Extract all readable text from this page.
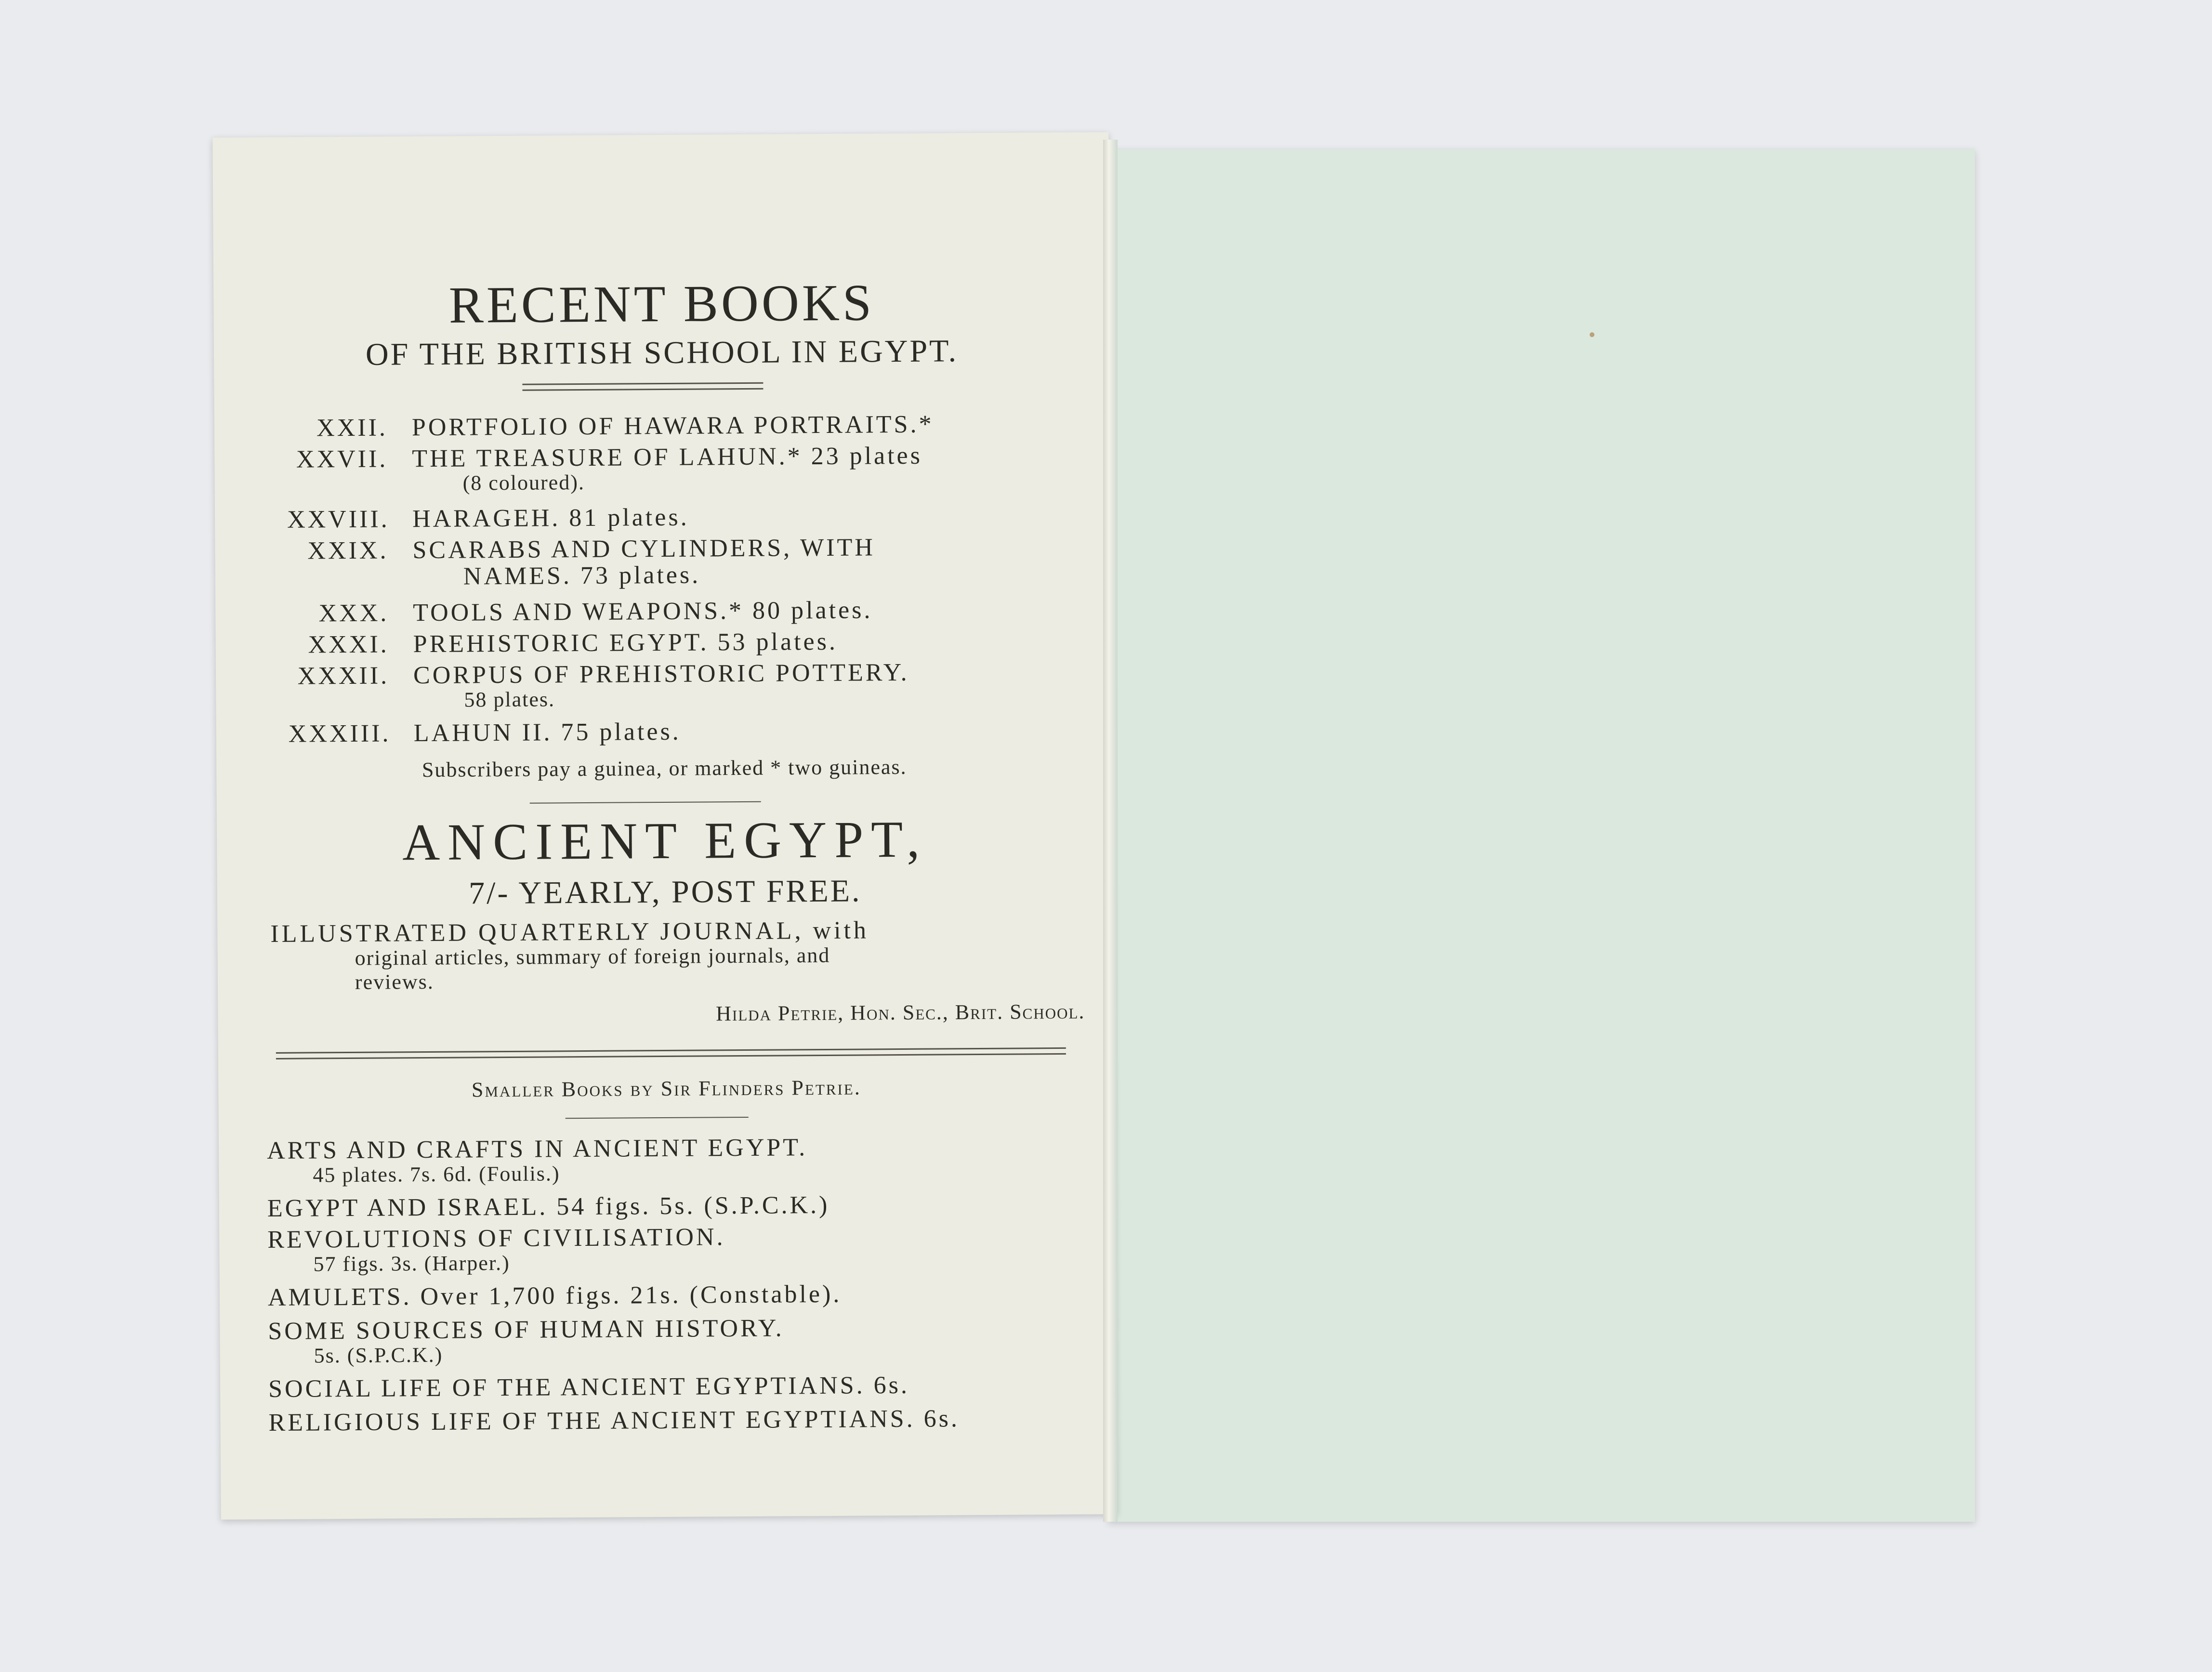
RECENT BOOKS
OF THE BRITISH SCHOOL IN EGYPT.
XXII. PORTFOLIO OF HAWARA PORTRAITS.*
XXVII. THE TREASURE OF LAHUN.* 23 plates
(8 coloured).
XXVIII. HARAGEH. 81 plates.
XXIX. SCARABS AND CYLINDERS, WITH
NAMES. 73 plates.
XXX. TOOLS AND WEAPONS.* 80 plates.
XXXI. PREHISTORIC EGYPT. 53 plates.
XXXII. CORPUS OF PREHISTORIC POTTERY.
58 plates.
XXXIII. LAHUN II. 75 plates.
Subscribers pay a guinea, or marked * two guineas.
ANCIENT EGYPT,
7/- YEARLY, POST FREE.
ILLUSTRATED QUARTERLY JOURNAL, with
original articles, summary of foreign journals, and
reviews.
Hilda Petrie, Hon. Sec., Brit. School.
Smaller Books by Sir Flinders Petrie.
ARTS AND CRAFTS IN ANCIENT EGYPT.
45 plates. 7s. 6d. (Foulis.)
EGYPT AND ISRAEL. 54 figs. 5s. (S.P.C.K.)
REVOLUTIONS OF CIVILISATION.
57 figs. 3s. (Harper.)
AMULETS. Over 1,700 figs. 21s. (Constable).
SOME SOURCES OF HUMAN HISTORY.
5s. (S.P.C.K.)
SOCIAL LIFE OF THE ANCIENT EGYPTIANS. 6s.
RELIGIOUS LIFE OF THE ANCIENT EGYPTIANS. 6s.
